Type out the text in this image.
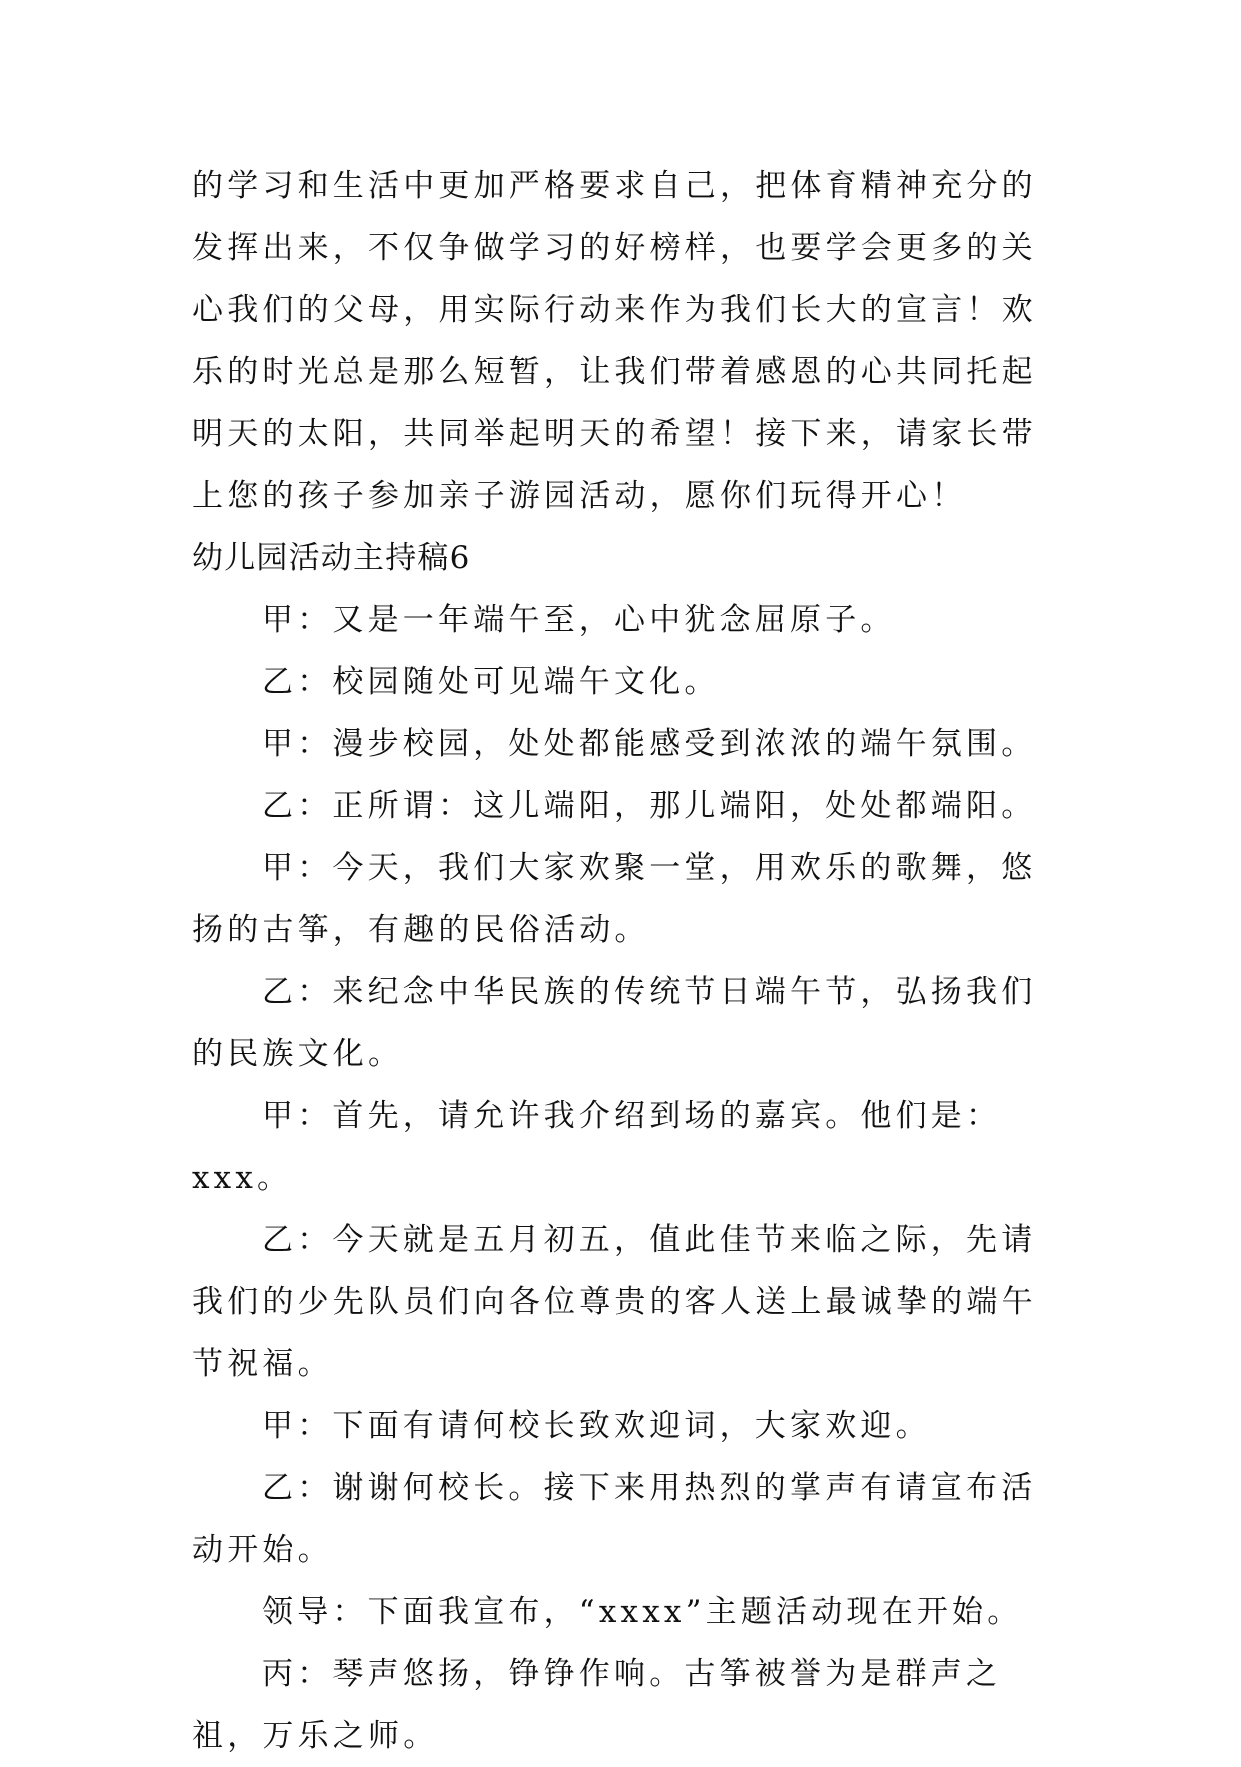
的学习和生活中更加严格要求自己，把体育精神充分的发挥出来，不仅争做学习的好榜样，也要学会更多的关心我们的父母，用实际行动来作为我们长大的宣言！欢乐的时光总是那么短暂，让我们带着感恩的心共同托起明天的太阳，共同举起明天的希望！接下来，请家长带上您的孩子参加亲子游园活动，愿你们玩得开心！

幼儿园活动主持稿6

甲：又是一年端午至，心中犹念屈原子。

乙：校园随处可见端午文化。

甲：漫步校园，处处都能感受到浓浓的端午氛围。

乙：正所谓：这儿端阳，那儿端阳，处处都端阳。

甲：今天，我们大家欢聚一堂，用欢乐的歌舞，悠扬的古筝，有趣的民俗活动。

乙：来纪念中华民族的传统节日端午节，弘扬我们的民族文化。

甲：首先，请允许我介绍到场的嘉宾。他们是：xxx。

乙：今天就是五月初五，值此佳节来临之际，先请我们的少先队员们向各位尊贵的客人送上最诚挚的端午节祝福。

甲：下面有请何校长致欢迎词，大家欢迎。

乙：谢谢何校长。接下来用热烈的掌声有请宣布活动开始。

领导：下面我宣布，“xxxx”主题活动现在开始。

丙：琴声悠扬，铮铮作响。古筝被誉为是群声之祖，万乐之师。
